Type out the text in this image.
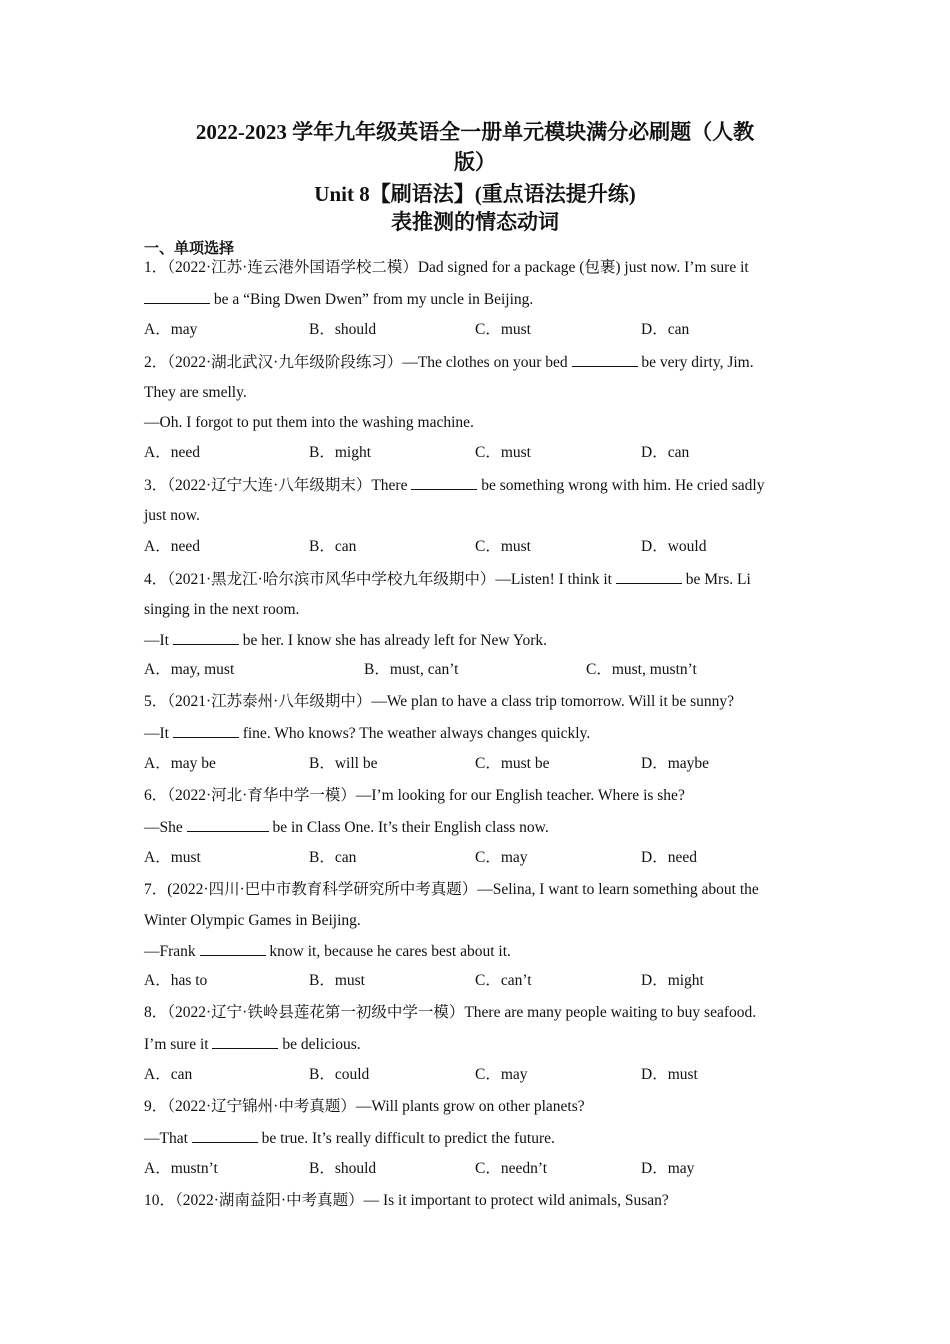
2022-2023 学年九年级英语全一册单元模块满分必刷题（人教
版）
Unit 8【刷语法】(重点语法提升练)
表推测的情态动词
一、单项选择
1．（2022·江苏·连云港外国语学校二模）Dad signed for a package (包裹) just now. I’m sure it
be a “Bing Dwen Dwen” from my uncle in Beijing.
A．may	B．should	C．must	D．can
2．（2022·湖北武汉·九年级阶段练习）—The clothes on your bed	be very dirty, Jim.
They are smelly.
—Oh. I forgot to put them into the washing machine.
A．need	B．might	C．must	D．can
3．（2022·辽宁大连·八年级期末）There	be something wrong with him. He cried sadly
just now.
A．need	B．can	C．must	D．would
4．（2021·黑龙江·哈尔滨市风华中学校九年级期中）—Listen! I think it	be Mrs. Li
singing in the next room.
—It	be her. I know she has already left for New York.
A．may, must	B．must, can’t	C．must, mustn’t
5．（2021·江苏泰州·八年级期中）—We plan to have a class trip tomorrow. Will it be sunny?
—It	fine. Who knows? The weather always changes quickly.
A．may be	B．will be	C．must be	D．maybe
6．（2022·河北·育华中学一模）—I’m looking for our English teacher. Where is she?
—She	be in Class One. It’s their English class now.
A．must	B．can	C．may	D．need
7．(2022·四川·巴中市教育科学研究所中考真题）—Selina, I want to learn something about the
Winter Olympic Games in Beijing.
—Frank	know it, because he cares best about it.
A．has to	B．must	C．can’t	D．might
8．（2022·辽宁·铁岭县莲花第一初级中学一模）There are many people waiting to buy seafood.
I’m sure it	be delicious.
A．can	B．could	C．may	D．must
9．（2022·辽宁锦州·中考真题）—Will plants grow on other planets?
—That	be true. It’s really difficult to predict the future.
A．mustn’t	B．should	C．needn’t	D．may
10．（2022·湖南益阳·中考真题）— Is it important to protect wild animals, Susan?
